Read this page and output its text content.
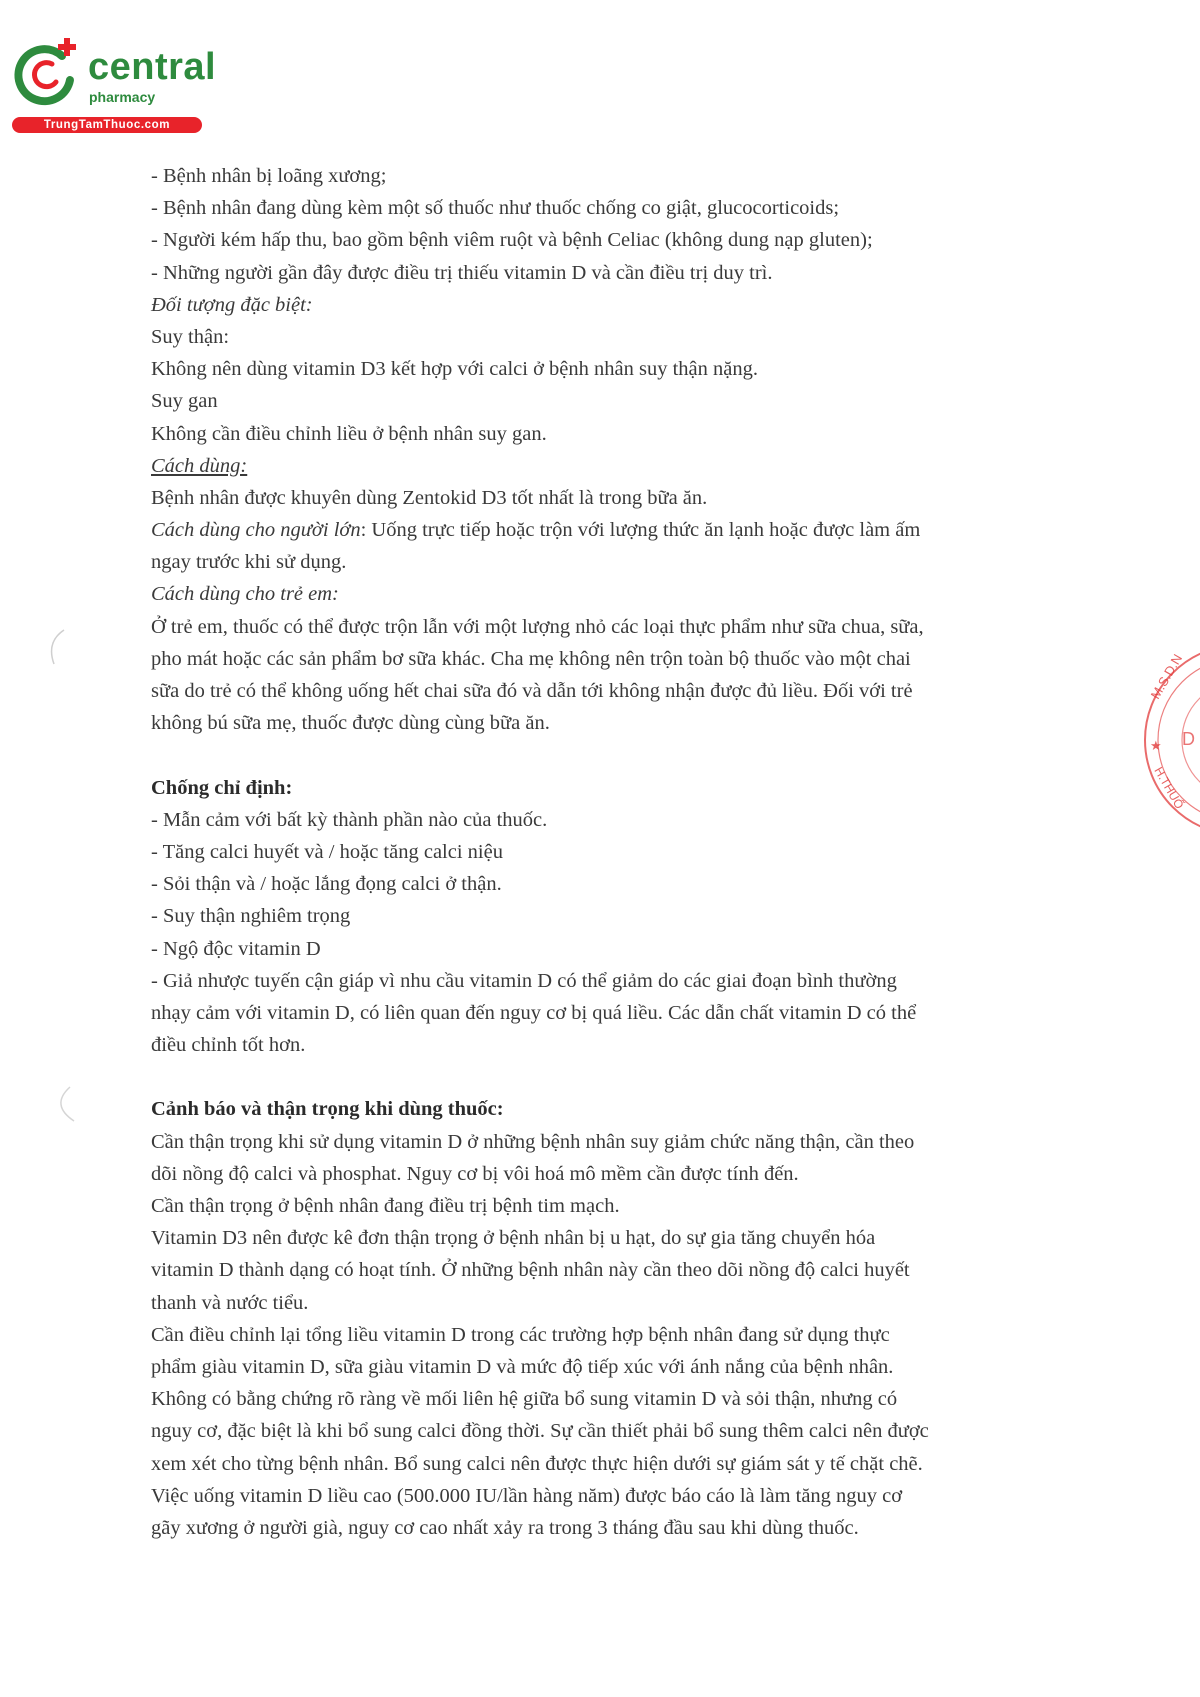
central
pharmacy
TrungTamThuoc.com
- Bệnh nhân bị loãng xương;
- Bệnh nhân đang dùng kèm một số thuốc như thuốc chống co giật, glucocorticoids;
- Người kém hấp thu, bao gồm bệnh viêm ruột và bệnh Celiac (không dung nạp gluten);
- Những người gần đây được điều trị thiếu vitamin D và cần điều trị duy trì.
Đối tượng đặc biệt:
Suy thận:
Không nên dùng vitamin D3 kết hợp với calci ở bệnh nhân suy thận nặng.
Suy gan
Không cần điều chỉnh liều ở bệnh nhân suy gan.
Cách dùng:
Bệnh nhân được khuyên dùng Zentokid D3 tốt nhất là trong bữa ăn.
Cách dùng cho người lớn: Uống trực tiếp hoặc trộn với lượng thức ăn lạnh hoặc được làm ấm
ngay trước khi sử dụng.
Cách dùng cho trẻ em:
Ở trẻ em, thuốc có thể được trộn lẫn với một lượng nhỏ các loại thực phẩm như sữa chua, sữa,
pho mát hoặc các sản phẩm bơ sữa khác. Cha mẹ không nên trộn toàn bộ thuốc vào một chai
sữa do trẻ có thể không uống hết chai sữa đó và dẫn tới không nhận được đủ liều. Đối với trẻ
không bú sữa mẹ, thuốc được dùng cùng bữa ăn.
Chống chỉ định:
- Mẫn cảm với bất kỳ thành phần nào của thuốc.
- Tăng calci huyết và / hoặc tăng calci niệu
- Sỏi thận và / hoặc lắng đọng calci ở thận.
- Suy thận nghiêm trọng
- Ngộ độc vitamin D
- Giả nhược tuyến cận giáp vì nhu cầu vitamin D có thể giảm do các giai đoạn bình thường
nhạy cảm với vitamin D, có liên quan đến nguy cơ bị quá liều. Các dẫn chất vitamin D có thể
điều chỉnh tốt hơn.
Cảnh báo và thận trọng khi dùng thuốc:
Cần thận trọng khi sử dụng vitamin D ở những bệnh nhân suy giảm chức năng thận, cần theo
dõi nồng độ calci và phosphat. Nguy cơ bị vôi hoá mô mềm cần được tính đến.
Cần thận trọng ở bệnh nhân đang điều trị bệnh tim mạch.
Vitamin D3 nên được kê đơn thận trọng ở bệnh nhân bị u hạt, do sự gia tăng chuyển hóa
vitamin D thành dạng có hoạt tính. Ở những bệnh nhân này cần theo dõi nồng độ calci huyết
thanh và nước tiểu.
Cần điều chỉnh lại tổng liều vitamin D trong các trường hợp bệnh nhân đang sử dụng thực
phẩm giàu vitamin D, sữa giàu vitamin D và mức độ tiếp xúc với ánh nắng của bệnh nhân.
Không có bằng chứng rõ ràng về mối liên hệ giữa bổ sung vitamin D và sỏi thận, nhưng có
nguy cơ, đặc biệt là khi bổ sung calci đồng thời. Sự cần thiết phải bổ sung thêm calci nên được
xem xét cho từng bệnh nhân. Bổ sung calci nên được thực hiện dưới sự giám sát y tế chặt chẽ.
Việc uống vitamin D liều cao (500.000 IU/lần hàng năm) được báo cáo là làm tăng nguy cơ
gãy xương ở người già, nguy cơ cao nhất xảy ra trong 3 tháng đầu sau khi dùng thuốc.
M.S.D.N
★
H.THUỐ
D
